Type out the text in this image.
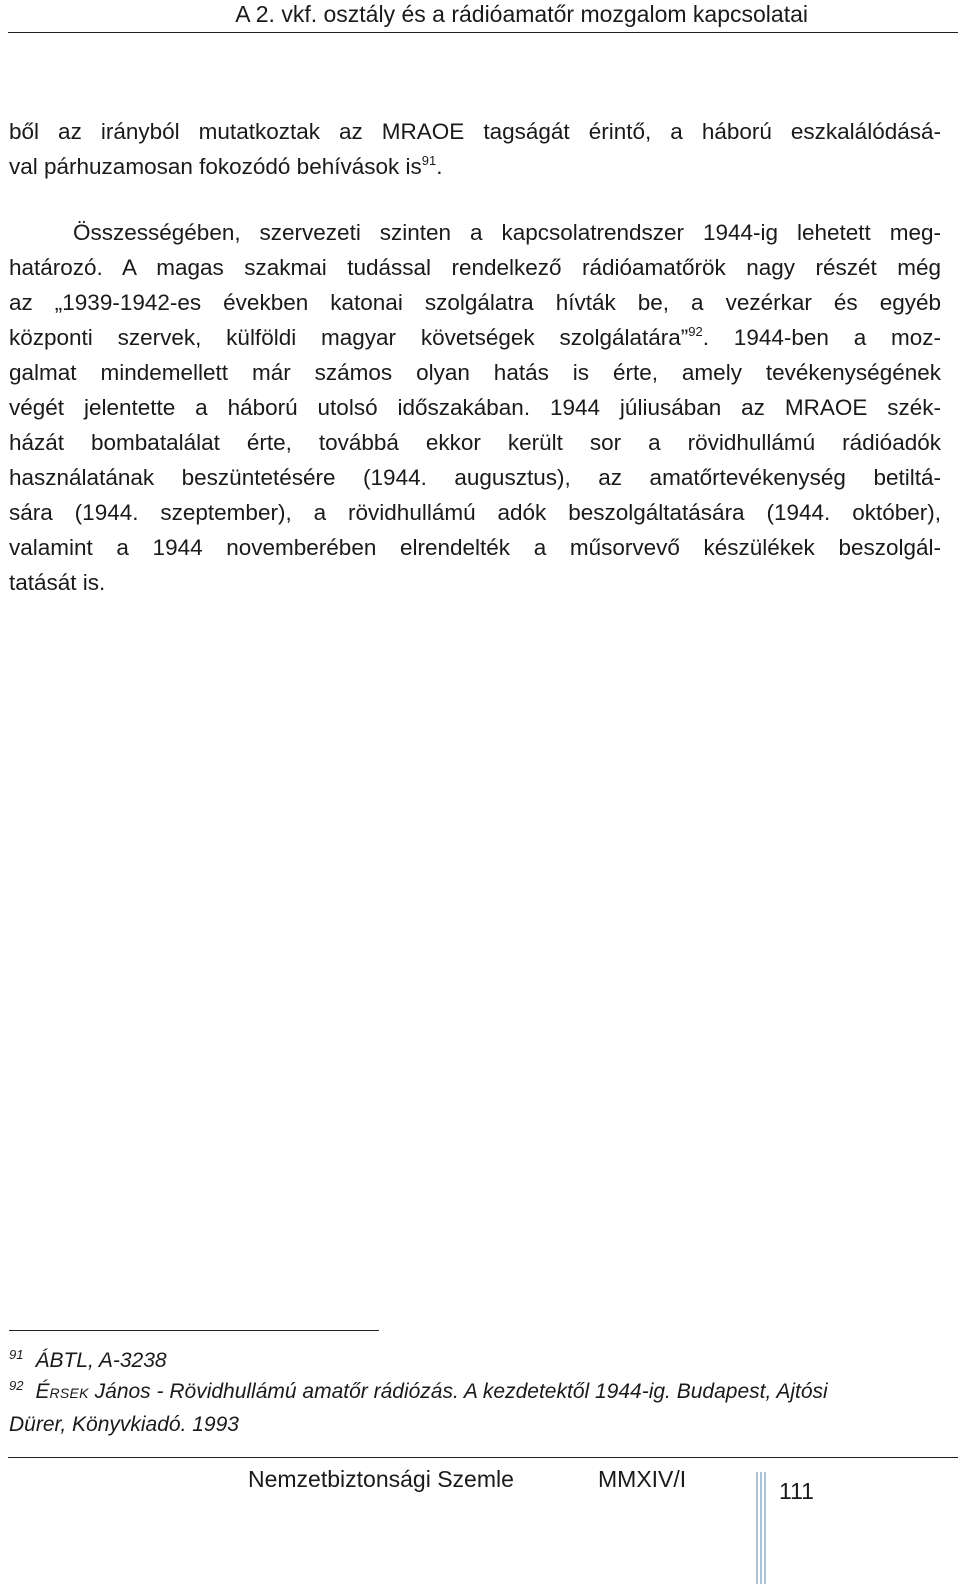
A 2. vkf. osztály és a rádióamatőr mozgalom kapcsolatai
ből az irányból mutatkoztak az MRAOE tagságát érintő, a háború eszkalálódásá-
val párhuzamosan fokozódó behívások is$^{91}$.
Összességében, szervezeti szinten a kapcsolatrendszer 1944-ig lehetett meg-
határozó. A magas szakmai tudással rendelkező rádióamatőrök nagy részét még
az „1939-1942-es években katonai szolgálatra hívták be, a vezérkar és egyéb
központi szervek, külföldi magyar követségek szolgálatára”$^{92}$. 1944-ben a moz-
galmat mindemellett már számos olyan hatás is érte, amely tevékenységének
végét jelentette a háború utolsó időszakában. 1944 júliusában az MRAOE szék-
házát bombatalálat érte, továbbá ekkor került sor a rövidhullámú rádióadók
használatának beszüntetésére (1944. augusztus), az amatőrtevékenység betiltá-
sára (1944. szeptember), a rövidhullámú adók beszolgáltatására (1944. október),
valamint a 1944 novemberében elrendelték a műsorvevő készülékek beszolgál-
tatását is.
$^{91}$ ÁBTL, A-3238
$^{92}$ ÉRSEK János - Rövidhullámú amatőr rádiózás. A kezdetektől 1944-ig. Budapest, Ajtósi
Dürer, Könyvkiadó. 1993
Nemzetbiztonsági Szemle	MMXIV/I	111
